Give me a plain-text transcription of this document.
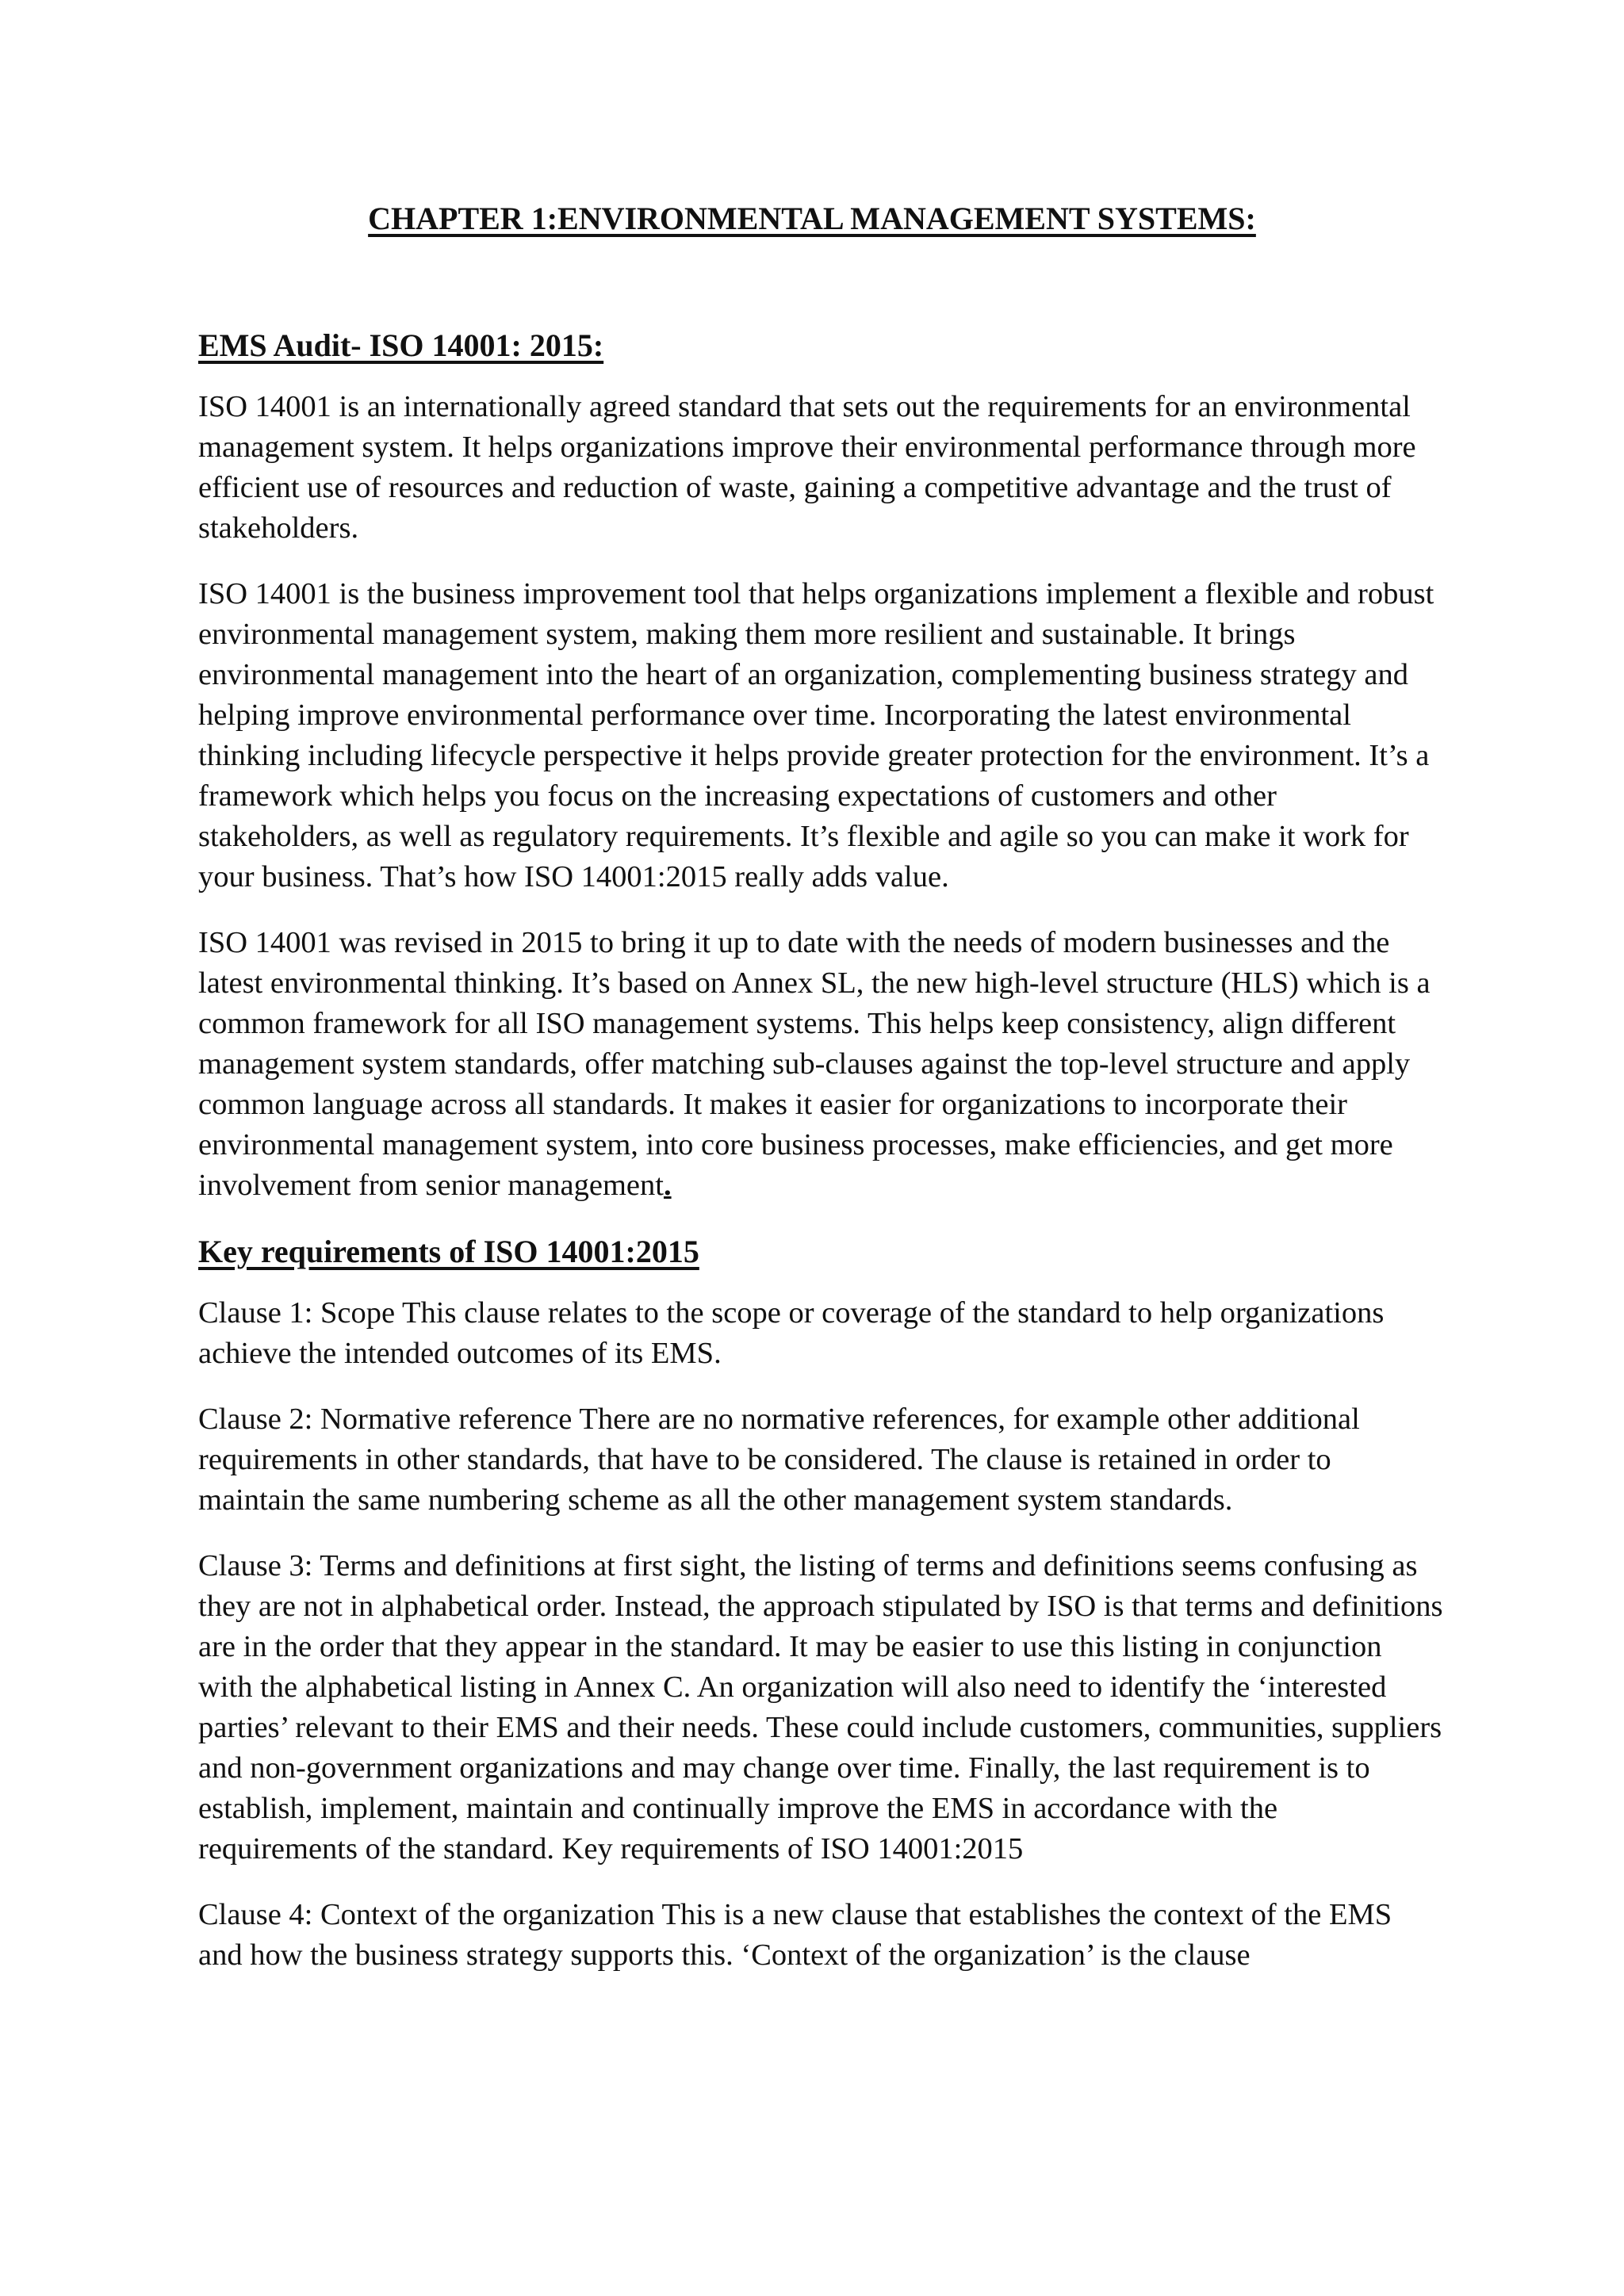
CHAPTER 1:ENVIRONMENTAL MANAGEMENT SYSTEMS:
EMS Audit- ISO 14001: 2015:

ISO 14001 is an internationally agreed standard that sets out the requirements for an environmental management system. It helps organizations improve their environmental performance through more efficient use of resources and reduction of waste, gaining a competitive advantage and the trust of stakeholders.

ISO 14001 is the business improvement tool that helps organizations implement a flexible and robust environmental management system, making them more resilient and sustainable. It brings environmental management into the heart of an organization, complementing business strategy and helping improve environmental performance over time. Incorporating the latest environmental thinking including lifecycle perspective it helps provide greater protection for the environment. It’s a framework which helps you focus on the increasing expectations of customers and other stakeholders, as well as regulatory requirements. It’s flexible and agile so you can make it work for your business. That’s how ISO 14001:2015 really adds value.

ISO 14001 was revised in 2015 to bring it up to date with the needs of modern businesses and the latest environmental thinking. It’s based on Annex SL, the new high-level structure (HLS) which is a common framework for all ISO management systems. This helps keep consistency, align different management system standards, offer matching sub-clauses against the top-level structure and apply common language across all standards. It makes it easier for organizations to incorporate their environmental management system, into core business processes, make efficiencies, and get more involvement from senior management.

Key requirements of ISO 14001:2015

Clause 1: Scope This clause relates to the scope or coverage of the standard to help organizations achieve the intended outcomes of its EMS.

Clause 2: Normative reference There are no normative references, for example other additional requirements in other standards, that have to be considered. The clause is retained in order to maintain the same numbering scheme as all the other management system standards.

Clause 3: Terms and definitions at first sight, the listing of terms and definitions seems confusing as they are not in alphabetical order. Instead, the approach stipulated by ISO is that terms and definitions are in the order that they appear in the standard. It may be easier to use this listing in conjunction with the alphabetical listing in Annex C. An organization will also need to identify the ‘interested parties’ relevant to their EMS and their needs. These could include customers, communities, suppliers and non-government organizations and may change over time. Finally, the last requirement is to establish, implement, maintain and continually improve the EMS in accordance with the requirements of the standard. Key requirements of ISO 14001:2015

Clause 4: Context of the organization This is a new clause that establishes the context of the EMS and how the business strategy supports this. ‘Context of the organization’ is the clause
